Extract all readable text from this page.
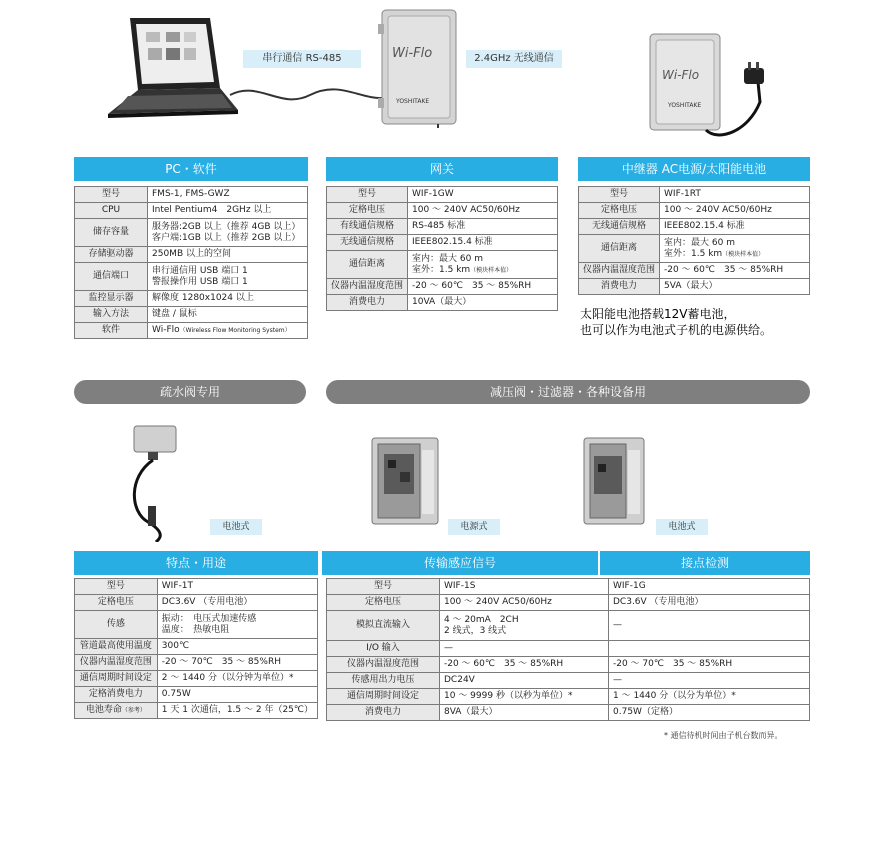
串行通信 RS-485	Wi-Flo
YOSHITAKE
2.4GHz 无线通信
Wi-Flo
YOSHITAKE
PC・软件	网关	中继器 AC电源/太阳能电池
型号	FMS-1, FMS-GWZ
CPU	Intel Pentium4　2GHz 以上
储存容量	服务器:2GB 以上（推荐 4GB 以上）
客户端:1GB 以上（推荐 2GB 以上）
存储驱动器	250MB 以上的空间
通信端口	串行通信用 USB 端口 1
警报操作用 USB 端口 1
监控显示器	解像度 1280x1024 以上
输入方法	键盘 / 鼠标
软件	Wi-Flo（Wireless Flow Monitoring System）
型号	WIF-1GW
定格电压	100 ～ 240V AC50/60Hz
有线通信规格	RS-485 标准
无线通信规格	IEEE802.15.4 标准
通信距离	室内：最大 60 m
室外：1.5 km（模块样本值）
仪器内温湿度范围	-20 ～ 60℃　35 ～ 85%RH
消费电力	10VA（最大）
型号	WIF-1RT
定格电压	100 ～ 240V AC50/60Hz
无线通信规格	IEEE802.15.4 标准
通信距离	室内：最大 60 m
室外：1.5 km（模块样本值）
仪器内温湿度范围	-20 ～ 60℃　35 ～ 85%RH
消费电力	5VA（最大）
太阳能电池搭载12V蓄电池，
也可以作为电池式子机的电源供给。
疏水阀专用	减压阀・过滤器・各种设备用
电池式	电源式	电池式
特点・用途	传输感应信号	接点检测
型号	WIF-1T
定格电压	DC3.6V （专用电池）
传感	振动：　电压式加速传感
温度：　热敏电阻
管道最高使用温度	300℃
仪器内温湿度范围	-20 ～ 70℃　35 ～ 85%RH
通信周期时间设定	2 ～ 1440 分（以分钟为单位）*
定格消费电力	0.75W
电池寿命（参考）	1 天 1 次通信，1.5 ～ 2 年（25℃）
型号	WIF-1S	WIF-1G
定格电压	100 ～ 240V AC50/60Hz	DC3.6V （专用电池）
模拟直流输入	4 ～ 20mA　2CH
2 线式，3 线式	—
I/O 输入	—	
仪器内温湿度范围	-20 ～ 60℃　35 ～ 85%RH	-20 ～ 70℃　35 ～ 85%RH
传感用出力电压	DC24V	—
通信周期时间设定	10 ～ 9999 秒（以秒为单位）*	1 ～ 1440 分（以分为单位）*
消费电力	8VA（最大）	0.75W（定格）
* 通信待机时间由子机台数而异。
